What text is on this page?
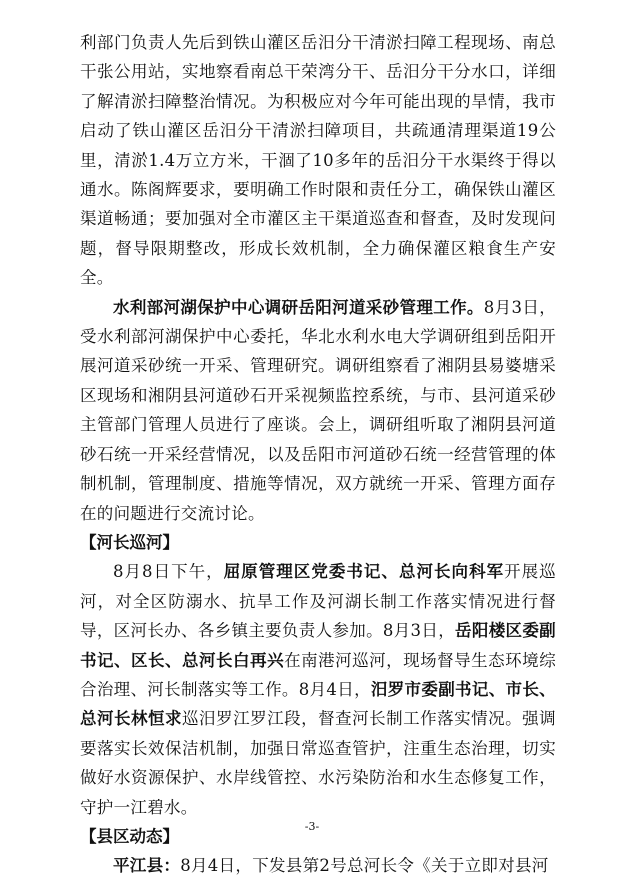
利部门负责人先后到铁山灌区岳汨分干清淤扫障工程现场、南总干张公用站，实地察看南总干荣湾分干、岳汨分干分水口，详细了解清淤扫障整治情况。为积极应对今年可能出现的旱情，我市启动了铁山灌区岳汨分干清淤扫障项目，共疏通清理渠道19公里，清淤1.4万立方米，干涸了10多年的岳汨分干水渠终于得以通水。陈阁辉要求，要明确工作时限和责任分工，确保铁山灌区渠道畅通；要加强对全市灌区主干渠道巡查和督查，及时发现问题，督导限期整改，形成长效机制，全力确保灌区粮食生产安全。

水利部河湖保护中心调研岳阳河道采砂管理工作。8月3日，受水利部河湖保护中心委托，华北水利水电大学调研组到岳阳开展河道采砂统一开采、管理研究。调研组察看了湘阴县易婆塘采区现场和湘阴县河道砂石开采视频监控系统，与市、县河道采砂主管部门管理人员进行了座谈。会上，调研组听取了湘阴县河道砂石统一开采经营情况，以及岳阳市河道砂石统一经营管理的体制机制，管理制度、措施等情况，双方就统一开采、管理方面存在的问题进行交流讨论。

【河长巡河】

8月8日下午，屈原管理区党委书记、总河长向科军开展巡河，对全区防溺水、抗旱工作及河湖长制工作落实情况进行督导，区河长办、各乡镇主要负责人参加。8月3日，岳阳楼区委副书记、区长、总河长白再兴在南港河巡河，现场督导生态环境综合治理、河长制落实等工作。8月4日，汨罗市委副书记、市长、总河长林恒求巡汨罗江罗江段，督查河长制工作落实情况。强调要落实长效保洁机制，加强日常巡查管护，注重生态治理，切实做好水资源保护、水岸线管控、水污染防治和水生态修复工作，守护一江碧水。

【县区动态】

平江县：8月4日，下发县第2号总河长令《关于立即对县河

-3-
